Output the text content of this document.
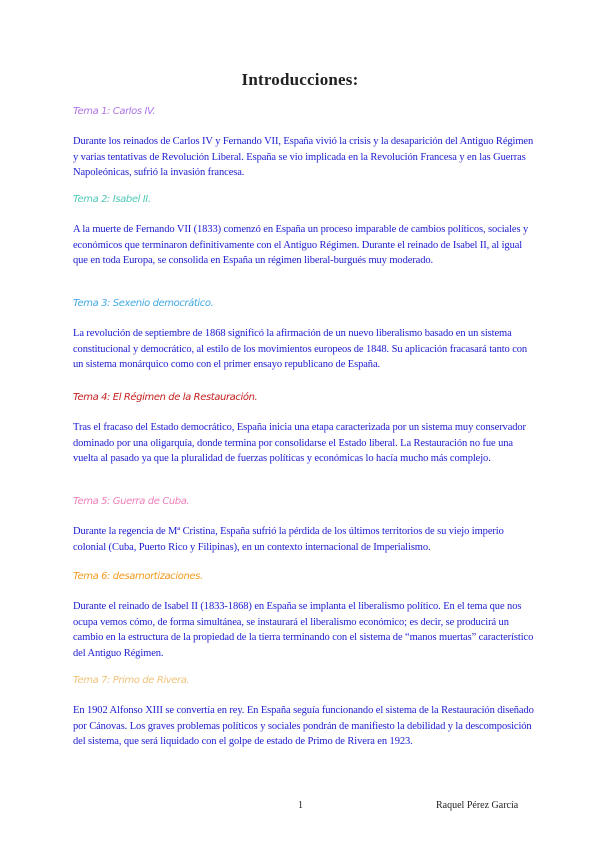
Introducciones:

Tema 1: Carlos IV.

Durante los reinados de Carlos IV y Fernando VII, España vivió la crisis y la desaparición del Antiguo Régimen y varias tentativas de Revolución Liberal. España se vio implicada en la Revolución Francesa y en las Guerras Napoleónicas, sufrió la invasión francesa.

Tema 2: Isabel II.

A la muerte de Fernando VII (1833) comenzó en España un proceso imparable de cambios políticos, sociales y económicos que terminaron definitivamente con el Antiguo Régimen. Durante el reinado de Isabel II, al igual que en toda Europa, se consolida en España un régimen liberal-burgués muy moderado.

Tema 3: Sexenio democrático.

La revolución de septiembre de 1868 significó la afirmación de un nuevo liberalismo basado en un sistema constitucional y democrático, al estilo de los movimientos europeos de 1848. Su aplicación fracasará tanto con un sistema monárquico como con el primer ensayo republicano de España.

Tema 4: El Régimen de la Restauración.

Tras el fracaso del Estado democrático, España inicia una etapa caracterizada por un sistema muy conservador dominado por una oligarquía, donde termina por consolidarse el Estado liberal. La Restauración no fue una vuelta al pasado ya que la pluralidad de fuerzas políticas y económicas lo hacía mucho más complejo.

Tema 5: Guerra de Cuba.

Durante la regencia de Mª Cristina, España sufrió la pérdida de los últimos territorios de su viejo imperio colonial (Cuba, Puerto Rico y Filipinas), en un contexto internacional de Imperialismo.

Tema 6: desamortizaciones.

Durante el reinado de Isabel II (1833-1868) en España se implanta el liberalismo político. En el tema que nos ocupa vemos cómo, de forma simultánea, se instaurará el liberalismo económico; es decir, se producirá un cambio en la estructura de la propiedad de la tierra terminando con el sistema de “manos muertas” característico del Antiguo Régimen.

Tema 7: Primo de Rivera.

En 1902 Alfonso XIII se convertía en rey. En España seguía funcionando el sistema de la Restauración diseñado por Cánovas. Los graves problemas políticos y sociales pondrán de manifiesto la debilidad y la descomposición del sistema, que será liquidado con el golpe de estado de Primo de Rivera en 1923.

1	Raquel Pérez García
